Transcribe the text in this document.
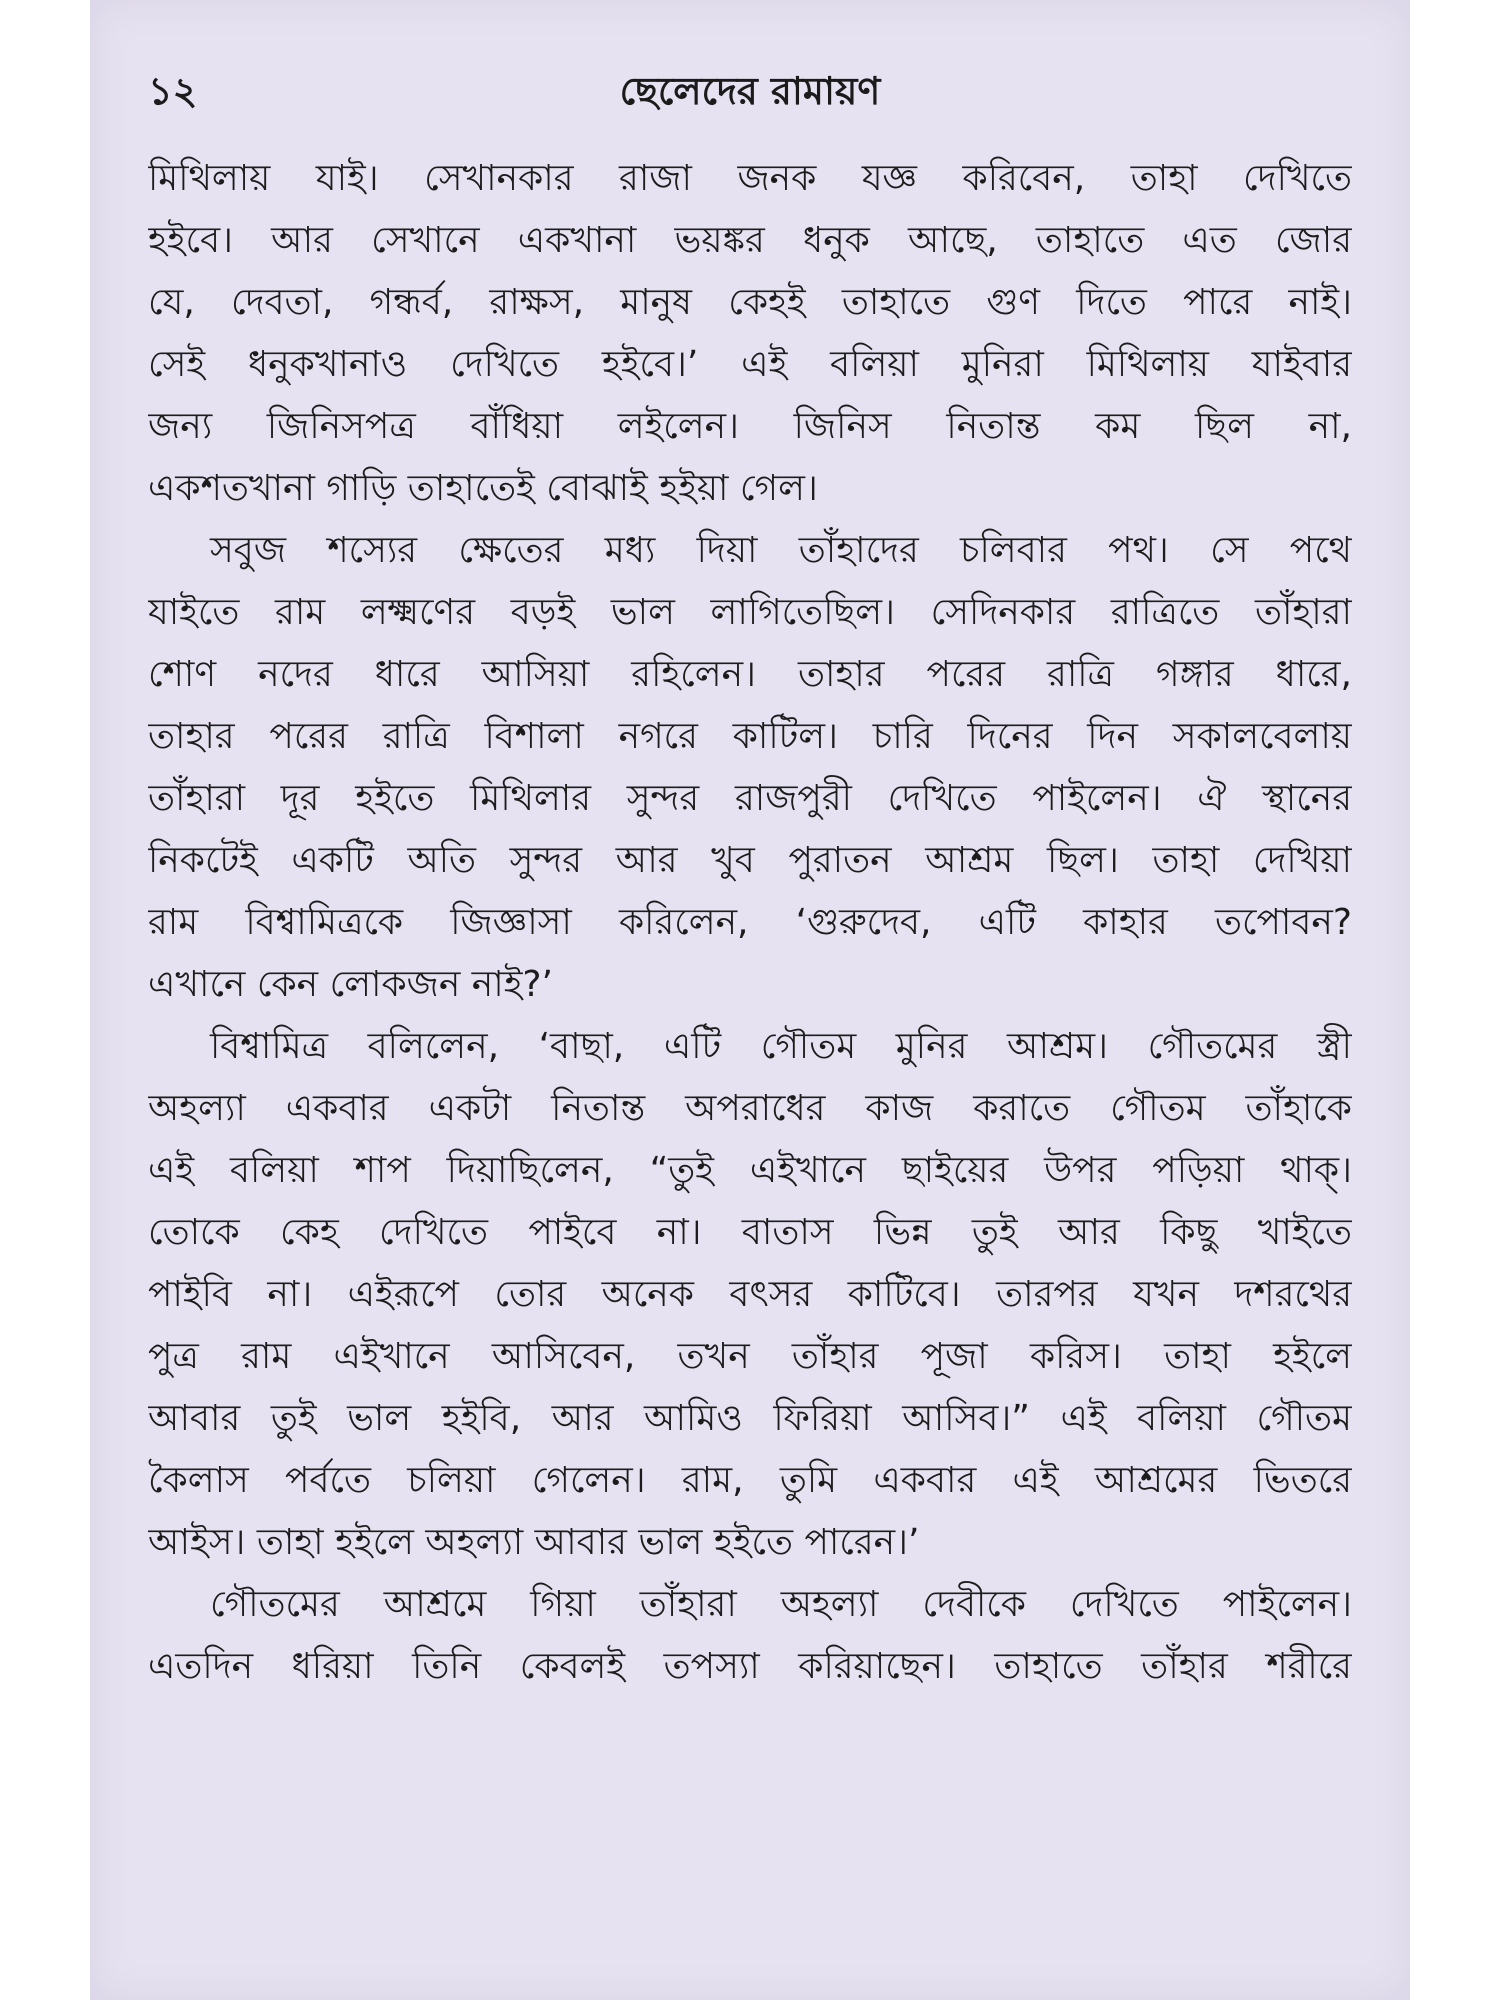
১২	ছেলেদের রামায়ণ
মিথিলায় যাই। সেখানকার রাজা জনক যজ্ঞ করিবেন, তাহা দেখিতে
হইবে। আর সেখানে একখানা ভয়ঙ্কর ধনুক আছে, তাহাতে এত জোর
যে, দেবতা, গন্ধর্ব, রাক্ষস, মানুষ কেহই তাহাতে গুণ দিতে পারে নাই।
সেই ধনুকখানাও দেখিতে হইবে।’ এই বলিয়া মুনিরা মিথিলায় যাইবার
জন্য জিনিসপত্র বাঁধিয়া লইলেন। জিনিস নিতান্ত কম ছিল না,
একশতখানা গাড়ি তাহাতেই বোঝাই হইয়া গেল।
সবুজ শস্যের ক্ষেতের মধ্য দিয়া তাঁহাদের চলিবার পথ। সে পথে
যাইতে রাম লক্ষ্মণের বড়ই ভাল লাগিতেছিল। সেদিনকার রাত্রিতে তাঁহারা
শোণ নদের ধারে আসিয়া রহিলেন। তাহার পরের রাত্রি গঙ্গার ধারে,
তাহার পরের রাত্রি বিশালা নগরে কাটিল। চারি দিনের দিন সকালবেলায়
তাঁহারা দূর হইতে মিথিলার সুন্দর রাজপুরী দেখিতে পাইলেন। ঐ স্থানের
নিকটেই একটি অতি সুন্দর আর খুব পুরাতন আশ্রম ছিল। তাহা দেখিয়া
রাম বিশ্বামিত্রকে জিজ্ঞাসা করিলেন, ‘গুরুদেব, এটি কাহার তপোবন?
এখানে কেন লোকজন নাই?’
বিশ্বামিত্র বলিলেন, ‘বাছা, এটি গৌতম মুনির আশ্রম। গৌতমের স্ত্রী
অহল্যা একবার একটা নিতান্ত অপরাধের কাজ করাতে গৌতম তাঁহাকে
এই বলিয়া শাপ দিয়াছিলেন, “তুই এইখানে ছাইয়ের উপর পড়িয়া থাক্।
তোকে কেহ দেখিতে পাইবে না। বাতাস ভিন্ন তুই আর কিছু খাইতে
পাইবি না। এইরূপে তোর অনেক বৎসর কাটিবে। তারপর যখন দশরথের
পুত্র রাম এইখানে আসিবেন, তখন তাঁহার পূজা করিস। তাহা হইলে
আবার তুই ভাল হইবি, আর আমিও ফিরিয়া আসিব।” এই বলিয়া গৌতম
কৈলাস পর্বতে চলিয়া গেলেন। রাম, তুমি একবার এই আশ্রমের ভিতরে
আইস। তাহা হইলে অহল্যা আবার ভাল হইতে পারেন।’
গৌতমের আশ্রমে গিয়া তাঁহারা অহল্যা দেবীকে দেখিতে পাইলেন।
এতদিন ধরিয়া তিনি কেবলই তপস্যা করিয়াছেন। তাহাতে তাঁহার শরীরে
